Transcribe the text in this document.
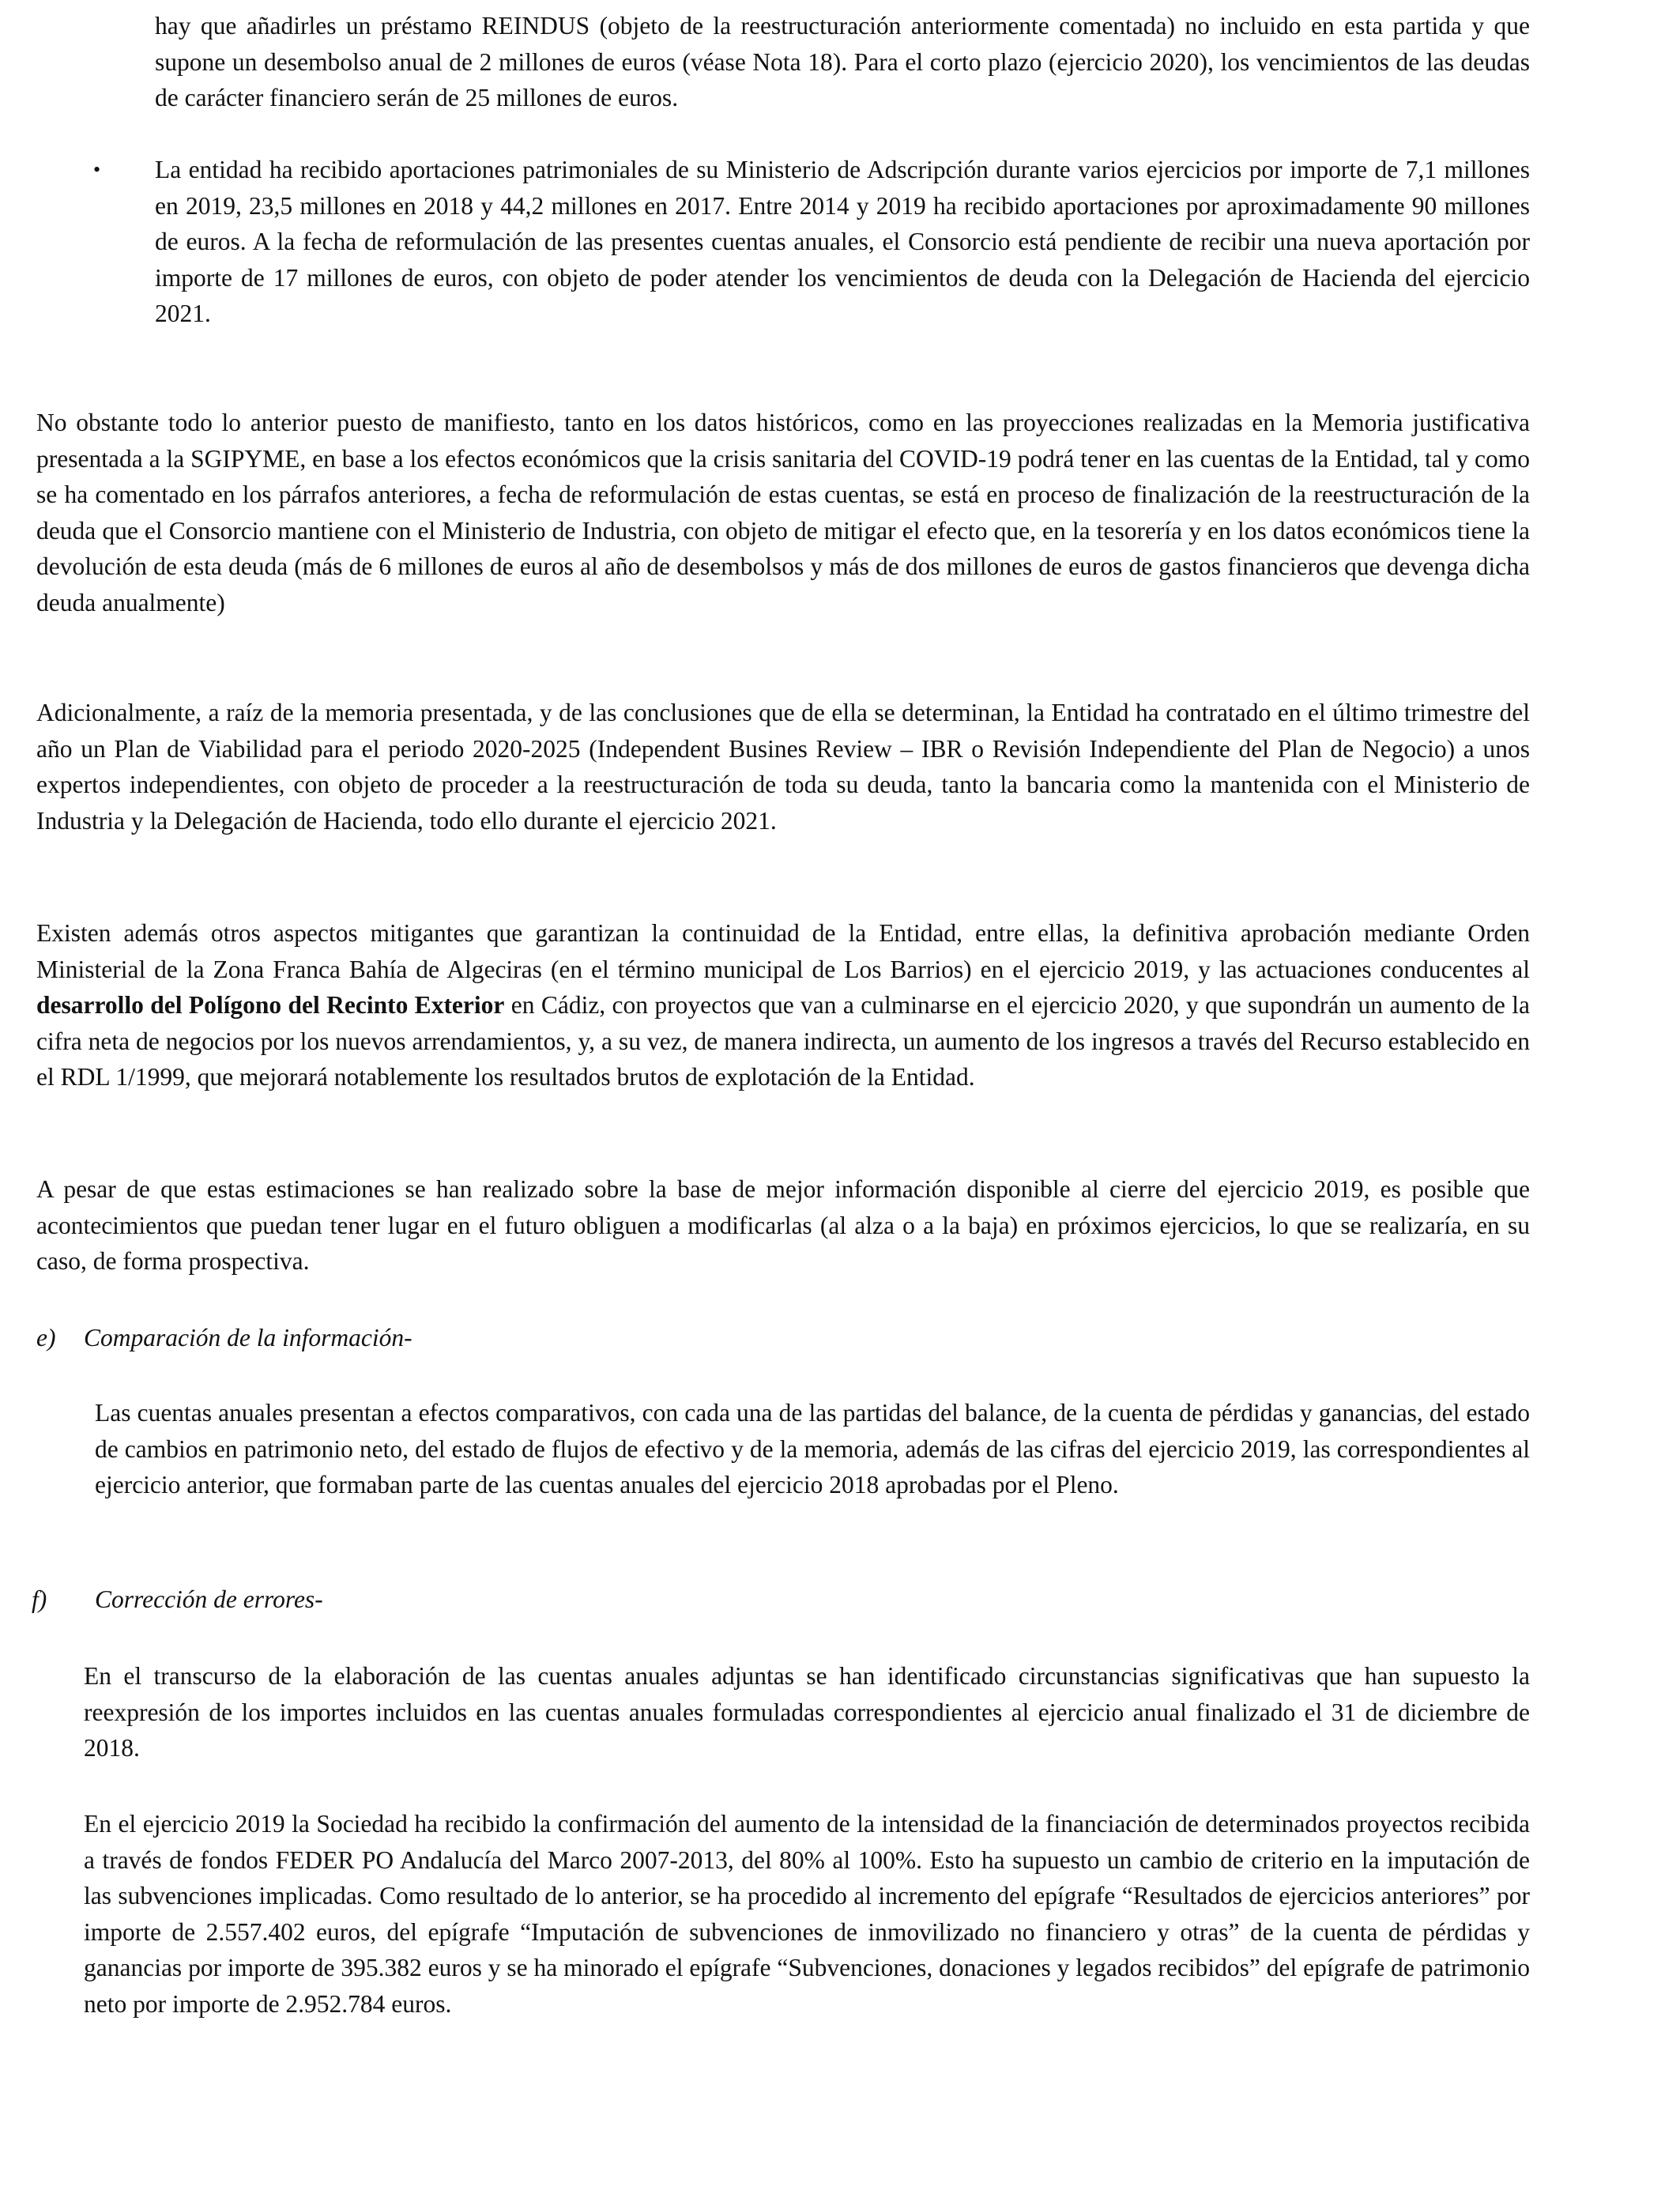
hay que añadirles un préstamo REINDUS (objeto de la reestructuración anteriormente comentada) no incluido en esta partida y que supone un desembolso anual de 2 millones de euros (véase Nota 18). Para el corto plazo (ejercicio 2020), los vencimientos de las deudas de carácter financiero serán de 25 millones de euros.

• La entidad ha recibido aportaciones patrimoniales de su Ministerio de Adscripción durante varios ejercicios por importe de 7,1 millones en 2019, 23,5 millones en 2018 y 44,2 millones en 2017. Entre 2014 y 2019 ha recibido aportaciones por aproximadamente 90 millones de euros. A la fecha de reformulación de las presentes cuentas anuales, el Consorcio está pendiente de recibir una nueva aportación por importe de 17 millones de euros, con objeto de poder atender los vencimientos de deuda con la Delegación de Hacienda del ejercicio 2021.

No obstante todo lo anterior puesto de manifiesto, tanto en los datos históricos, como en las proyecciones realizadas en la Memoria justificativa presentada a la SGIPYME, en base a los efectos económicos que la crisis sanitaria del COVID-19 podrá tener en las cuentas de la Entidad, tal y como se ha comentado en los párrafos anteriores, a fecha de reformulación de estas cuentas, se está en proceso de finalización de la reestructuración de la deuda que el Consorcio mantiene con el Ministerio de Industria, con objeto de mitigar el efecto que, en la tesorería y en los datos económicos tiene la devolución de esta deuda (más de 6 millones de euros al año de desembolsos y más de dos millones de euros de gastos financieros que devenga dicha deuda anualmente)

Adicionalmente, a raíz de la memoria presentada, y de las conclusiones que de ella se determinan, la Entidad ha contratado en el último trimestre del año un Plan de Viabilidad para el periodo 2020-2025 (Independent Busines Review – IBR o Revisión Independiente del Plan de Negocio) a unos expertos independientes, con objeto de proceder a la reestructuración de toda su deuda, tanto la bancaria como la mantenida con el Ministerio de Industria y la Delegación de Hacienda, todo ello durante el ejercicio 2021.

Existen además otros aspectos mitigantes que garantizan la continuidad de la Entidad, entre ellas, la definitiva aprobación mediante Orden Ministerial de la Zona Franca Bahía de Algeciras (en el término municipal de Los Barrios) en el ejercicio 2019, y las actuaciones conducentes al desarrollo del Polígono del Recinto Exterior en Cádiz, con proyectos que van a culminarse en el ejercicio 2020, y que supondrán un aumento de la cifra neta de negocios por los nuevos arrendamientos, y, a su vez, de manera indirecta, un aumento de los ingresos a través del Recurso establecido en el RDL 1/1999, que mejorará notablemente los resultados brutos de explotación de la Entidad.

A pesar de que estas estimaciones se han realizado sobre la base de mejor información disponible al cierre del ejercicio 2019, es posible que acontecimientos que puedan tener lugar en el futuro obliguen a modificarlas (al alza o a la baja) en próximos ejercicios, lo que se realizaría, en su caso, de forma prospectiva.

e) Comparación de la información-

Las cuentas anuales presentan a efectos comparativos, con cada una de las partidas del balance, de la cuenta de pérdidas y ganancias, del estado de cambios en patrimonio neto, del estado de flujos de efectivo y de la memoria, además de las cifras del ejercicio 2019, las correspondientes al ejercicio anterior, que formaban parte de las cuentas anuales del ejercicio 2018 aprobadas por el Pleno.

f) Corrección de errores-

En el transcurso de la elaboración de las cuentas anuales adjuntas se han identificado circunstancias significativas que han supuesto la reexpresión de los importes incluidos en las cuentas anuales formuladas correspondientes al ejercicio anual finalizado el 31 de diciembre de 2018.

En el ejercicio 2019 la Sociedad ha recibido la confirmación del aumento de la intensidad de la financiación de determinados proyectos recibida a través de fondos FEDER PO Andalucía del Marco 2007-2013, del 80% al 100%. Esto ha supuesto un cambio de criterio en la imputación de las subvenciones implicadas. Como resultado de lo anterior, se ha procedido al incremento del epígrafe “Resultados de ejercicios anteriores” por importe de 2.557.402 euros, del epígrafe “Imputación de subvenciones de inmovilizado no financiero y otras” de la cuenta de pérdidas y ganancias por importe de 395.382 euros y se ha minorado el epígrafe “Subvenciones, donaciones y legados recibidos” del epígrafe de patrimonio neto por importe de 2.952.784 euros.
